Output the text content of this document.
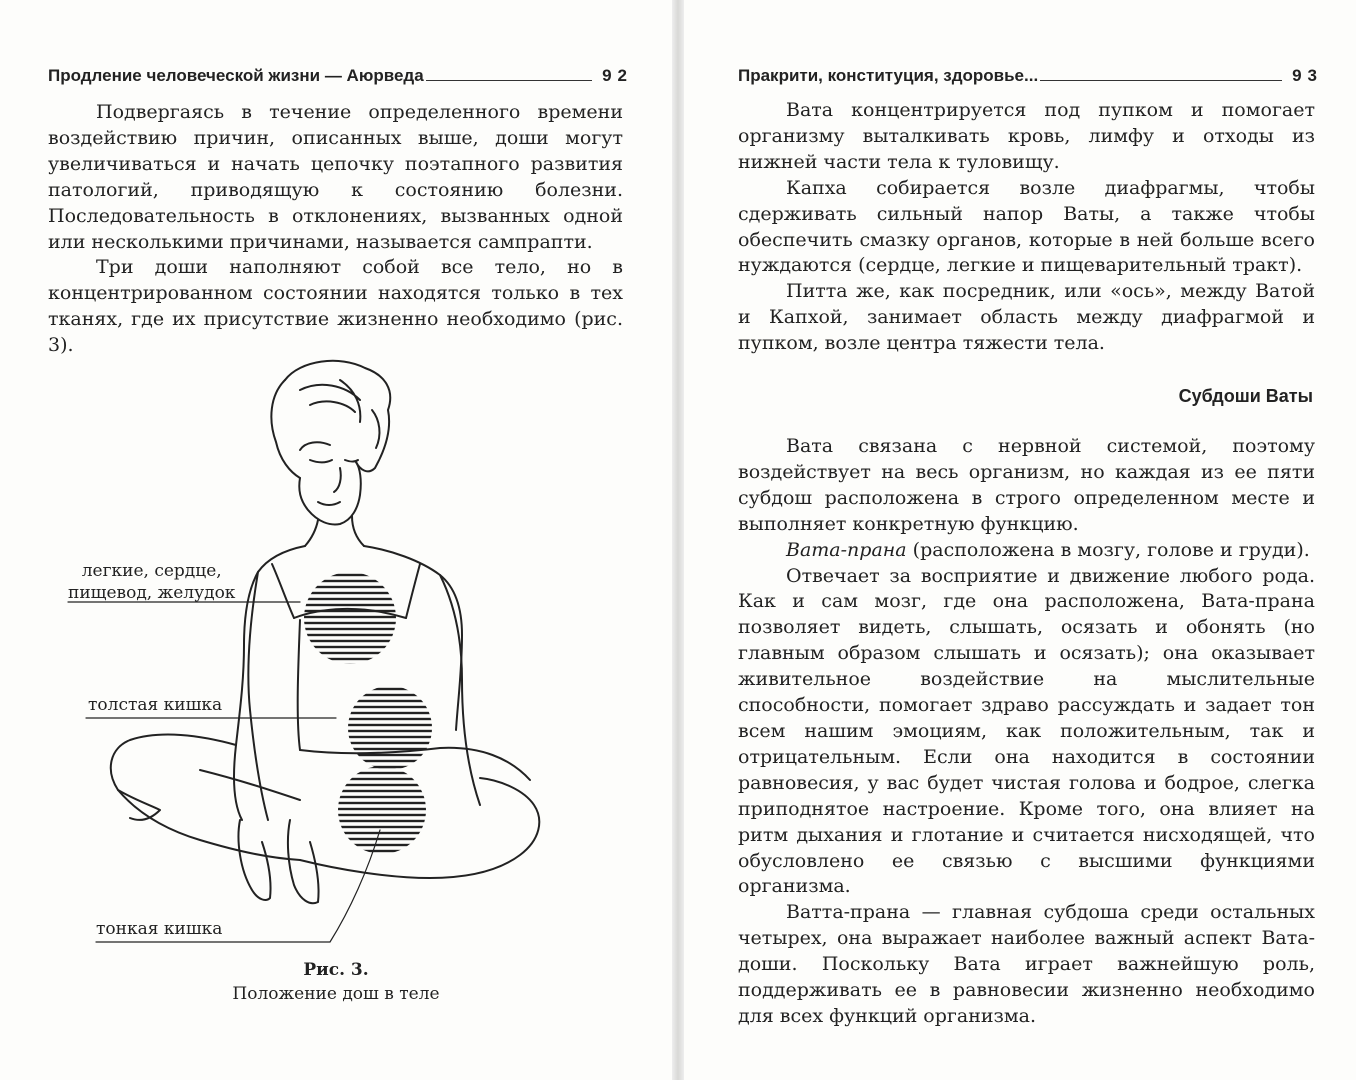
Продление человеческой жизни — Аюрведа	92

Подвергаясь в течение определенного времени воздействию причин, описанных выше, доши могут увеличиваться и начать цепочку поэтапного развития патологий, приводящую к состоянию болезни. Последовательность в отклонениях, вызванных одной или несколькими причинами, называется сампрапти.

Три доши наполняют собой все тело, но в концентрированном состоянии находятся только в тех тканях, где их присутствие жизненно необходимо (рис. 3).

легкие, сердце,
пищевод, желудок
толстая кишка
тонкая кишка
Рис. 3.
Положение дош в теле
Пракрити, конституция, здоровье...	93

Вата концентрируется под пупком и помогает организму выталкивать кровь, лимфу и отходы из нижней части тела к туловищу.

Капха собирается возле диафрагмы, чтобы сдерживать сильный напор Ваты, а также чтобы обеспечить смазку органов, которые в ней больше всего нуждаются (сердце, легкие и пищеварительный тракт).

Питта же, как посредник, или «ось», между Ватой и Капхой, занимает область между диафрагмой и пупком, возле центра тяжести тела.

Субдоши Ваты

Вата связана с нервной системой, поэтому воздействует на весь организм, но каждая из ее пяти субдош расположена в строго определенном месте и выполняет конкретную функцию.

Вата-прана (расположена в мозгу, голове и груди).

Отвечает за восприятие и движение любого рода. Как и сам мозг, где она расположена, Вата-прана позволяет видеть, слышать, осязать и обонять (но главным образом слышать и осязать); она оказывает живительное воздействие на мыслительные способности, помогает здраво рассуждать и задает тон всем нашим эмоциям, как положительным, так и отрицательным. Если она находится в состоянии равновесия, у вас будет чистая голова и бодрое, слегка приподнятое настроение. Кроме того, она влияет на ритм дыхания и глотание и считается нисходящей, что обусловлено ее связью с высшими функциями организма.

Ватта-прана — главная субдоша среди остальных четырех, она выражает наиболее важный аспект Вата-доши. Поскольку Вата играет важнейшую роль, поддерживать ее в равновесии жизненно необходимо для всех функций организма.
